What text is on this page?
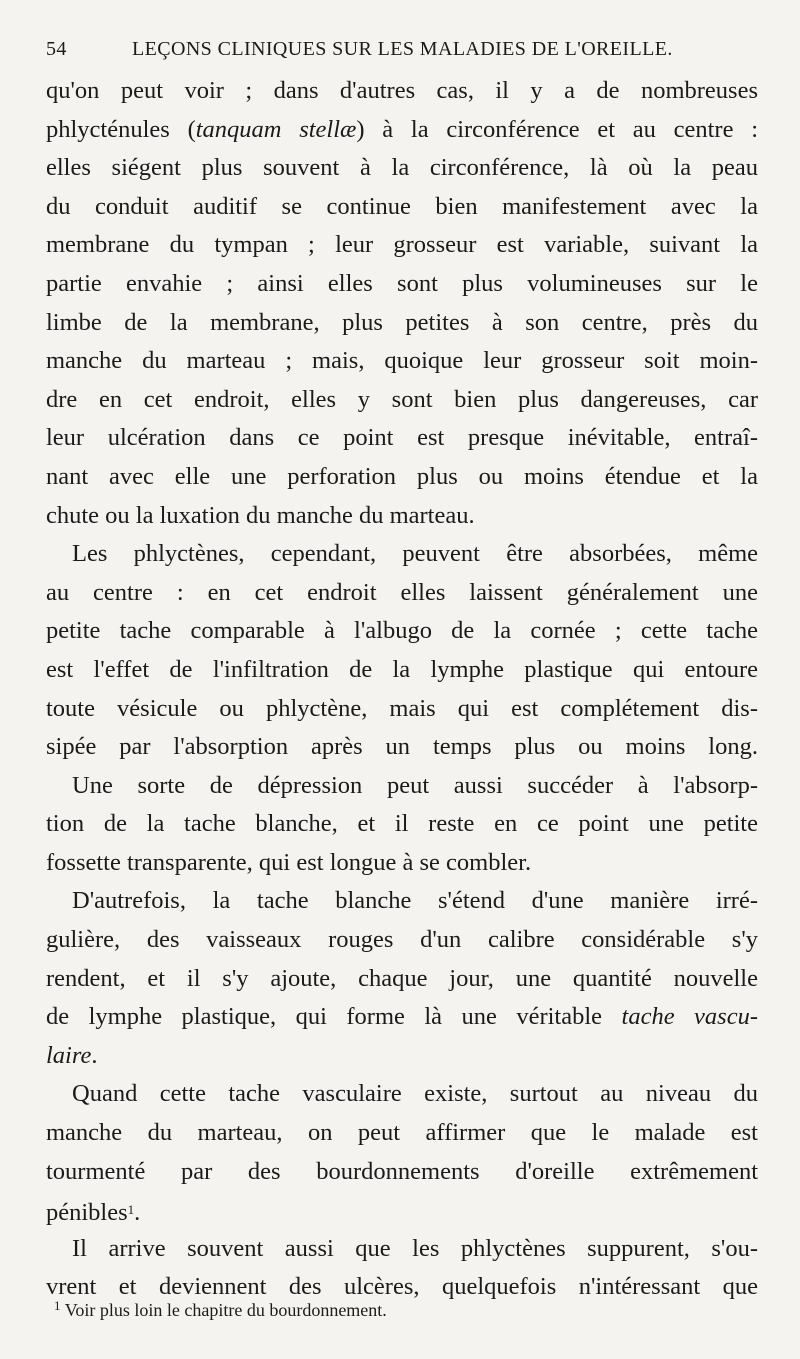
54	LEÇONS CLINIQUES SUR LES MALADIES DE L'OREILLE.
qu'on peut voir ; dans d'autres cas, il y a de nombreuses
phlycténules (tanquam stellæ) à la circonférence et au centre :
elles siégent plus souvent à la circonférence, là où la peau
du conduit auditif se continue bien manifestement avec la
membrane du tympan ; leur grosseur est variable, suivant la
partie envahie ; ainsi elles sont plus volumineuses sur le
limbe de la membrane, plus petites à son centre, près du
manche du marteau ; mais, quoique leur grosseur soit moin-
dre en cet endroit, elles y sont bien plus dangereuses, car
leur ulcération dans ce point est presque inévitable, entraî-
nant avec elle une perforation plus ou moins étendue et la
chute ou la luxation du manche du marteau.
Les phlyctènes, cependant, peuvent être absorbées, même
au centre : en cet endroit elles laissent généralement une
petite tache comparable à l'albugo de la cornée ; cette tache
est l'effet de l'infiltration de la lymphe plastique qui entoure
toute vésicule ou phlyctène, mais qui est complétement dis-
sipée par l'absorption après un temps plus ou moins long.
Une sorte de dépression peut aussi succéder à l'absorp-
tion de la tache blanche, et il reste en ce point une petite
fossette transparente, qui est longue à se combler.
D'autrefois, la tache blanche s'étend d'une manière irré-
gulière, des vaisseaux rouges d'un calibre considérable s'y
rendent, et il s'y ajoute, chaque jour, une quantité nouvelle
de lymphe plastique, qui forme là une véritable tache vascu-
laire.
Quand cette tache vasculaire existe, surtout au niveau du
manche du marteau, on peut affirmer que le malade est
tourmenté par des bourdonnements d'oreille extrêmement
pénibles$^1$.
Il arrive souvent aussi que les phlyctènes suppurent, s'ou-
vrent et deviennent des ulcères, quelquefois n'intéressant que
$^1$ Voir plus loin le chapitre du bourdonnement.
